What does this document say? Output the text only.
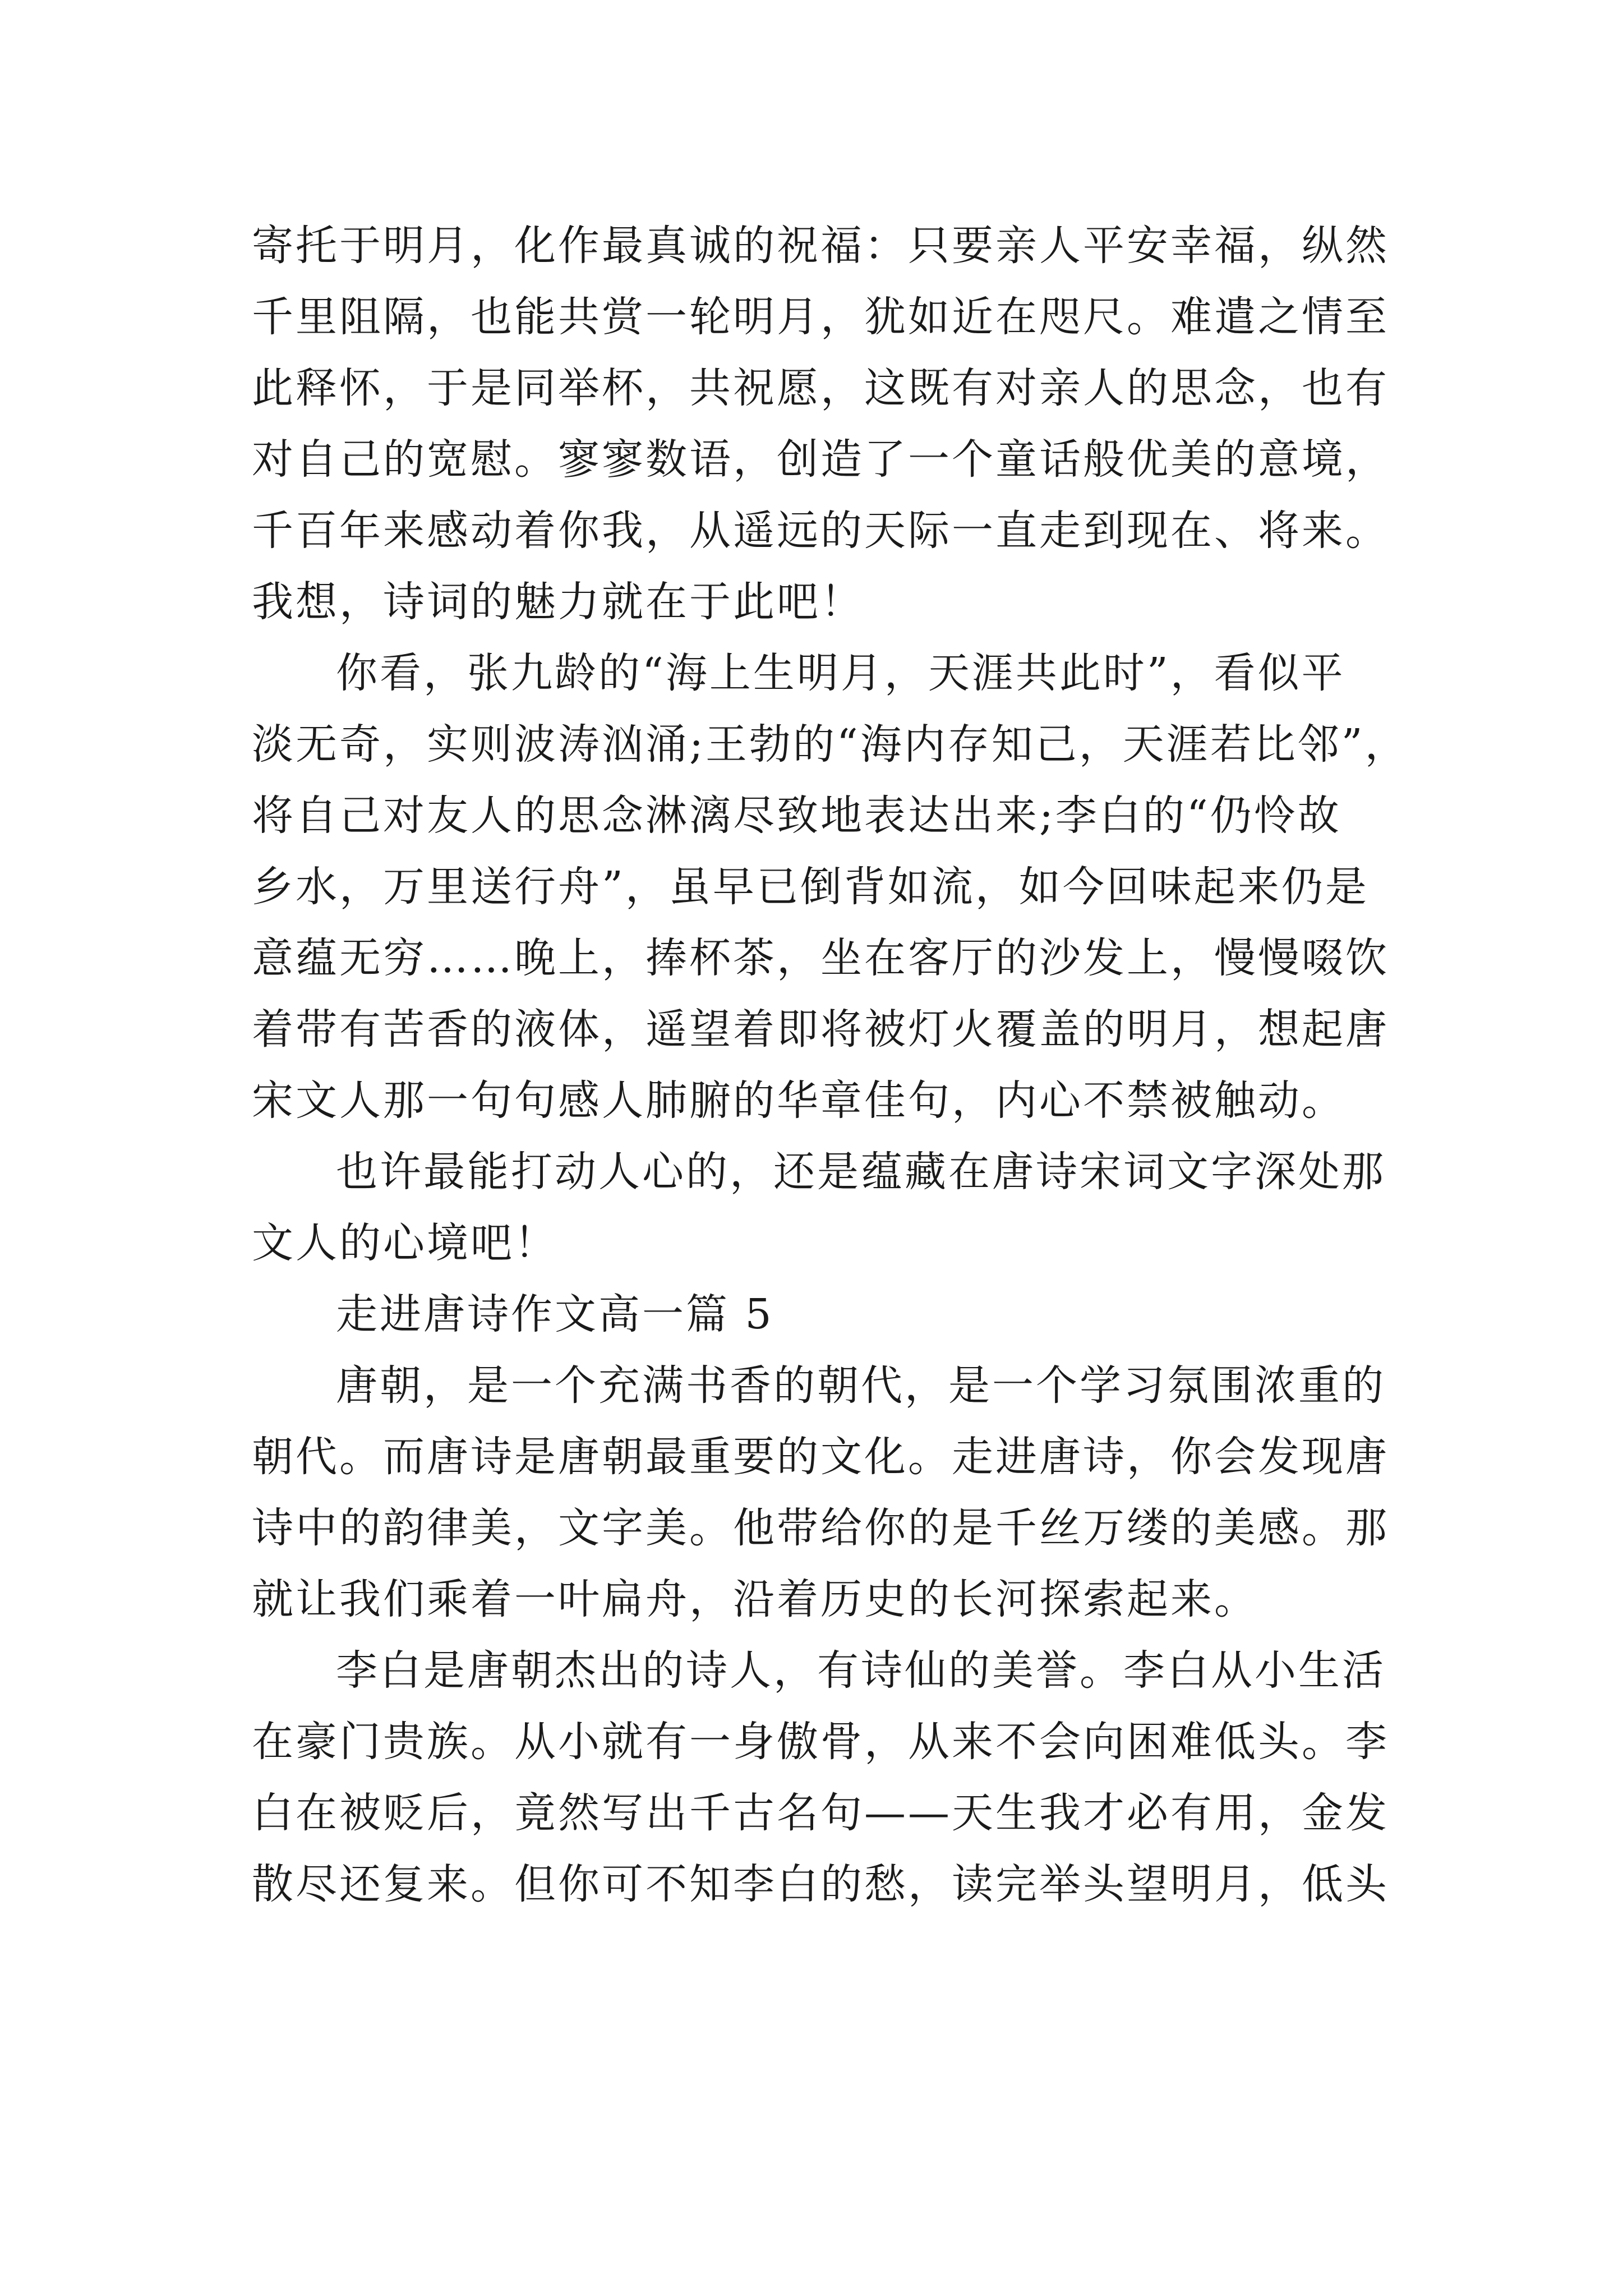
寄托于明月，化作最真诚的祝福：只要亲人平安幸福，纵然
千里阻隔，也能共赏一轮明月，犹如近在咫尺。难遣之情至
此释怀，于是同举杯，共祝愿，这既有对亲人的思念，也有
对自己的宽慰。寥寥数语，创造了一个童话般优美的意境，
千百年来感动着你我，从遥远的天际一直走到现在、将来。
我想，诗词的魅力就在于此吧！
你看，张九龄的“海上生明月，天涯共此时”，看似平
淡无奇，实则波涛汹涌;王勃的“海内存知己，天涯若比邻”，
将自己对友人的思念淋漓尽致地表达出来;李白的“仍怜故
乡水，万里送行舟”，虽早已倒背如流，如今回味起来仍是
意蕴无穷……晚上，捧杯茶，坐在客厅的沙发上，慢慢啜饮
着带有苦香的液体，遥望着即将被灯火覆盖的明月，想起唐
宋文人那一句句感人肺腑的华章佳句，内心不禁被触动。
也许最能打动人心的，还是蕴藏在唐诗宋词文字深处那
文人的心境吧！
走进唐诗作文高一篇 5
唐朝，是一个充满书香的朝代，是一个学习氛围浓重的
朝代。而唐诗是唐朝最重要的文化。走进唐诗，你会发现唐
诗中的韵律美，文字美。他带给你的是千丝万缕的美感。那
就让我们乘着一叶扁舟，沿着历史的长河探索起来。
李白是唐朝杰出的诗人，有诗仙的美誉。李白从小生活
在豪门贵族。从小就有一身傲骨，从来不会向困难低头。李
白在被贬后，竟然写出千古名句——天生我才必有用，金发
散尽还复来。但你可不知李白的愁，读完举头望明月，低头
